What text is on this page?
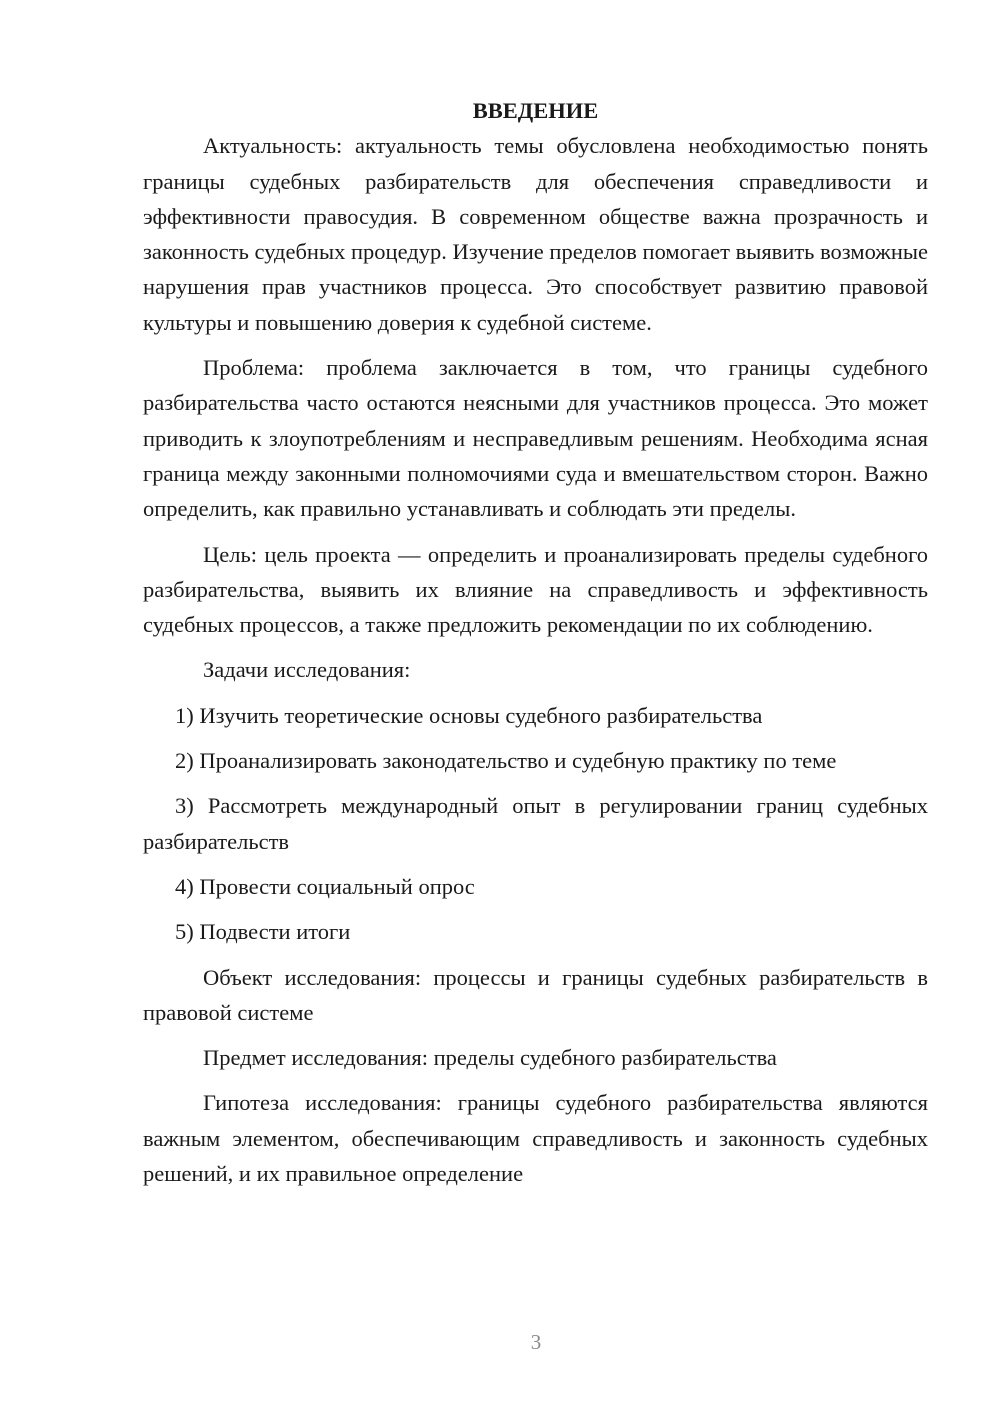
ВВЕДЕНИЕ

Актуальность: актуальность темы обусловлена необходимостью понять границы судебных разбирательств для обеспечения справедливости и эффективности правосудия. В современном обществе важна прозрачность и законность судебных процедур. Изучение пределов помогает выявить возможные нарушения прав участников процесса. Это способствует развитию правовой культуры и повышению доверия к судебной системе.

Проблема: проблема заключается в том, что границы судебного разбирательства часто остаются неясными для участников процесса. Это может приводить к злоупотреблениям и несправедливым решениям. Необходима ясная граница между законными полномочиями суда и вмешательством сторон. Важно определить, как правильно устанавливать и соблюдать эти пределы.

Цель: цель проекта — определить и проанализировать пределы судебного разбирательства, выявить их влияние на справедливость и эффективность судебных процессов, а также предложить рекомендации по их соблюдению.

Задачи исследования:

1) Изучить теоретические основы судебного разбирательства

2) Проанализировать законодательство и судебную практику по теме

3) Рассмотреть международный опыт в регулировании границ судебных разбирательств

4) Провести социальный опрос

5) Подвести итоги

Объект исследования: процессы и границы судебных разбирательств в правовой системе

Предмет исследования: пределы судебного разбирательства

Гипотеза исследования: границы судебного разбирательства являются важным элементом, обеспечивающим справедливость и законность судебных решений, и их правильное определение

3
